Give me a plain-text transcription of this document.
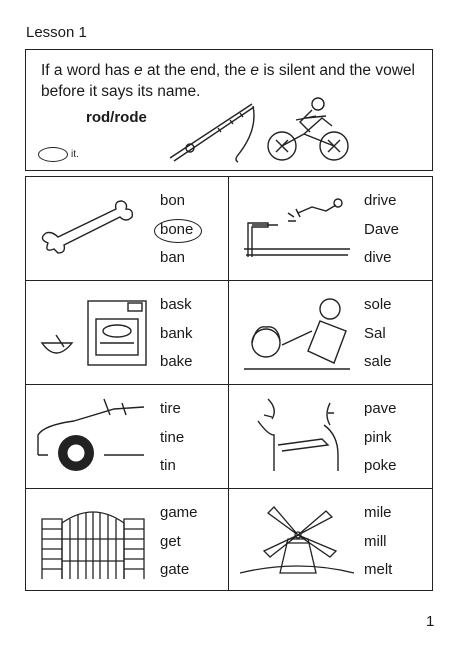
Lesson 1
If a word has e at the end, the e is silent and the vowel before it says its name.
rod/rode
it.
bon
bone
ban
drive
Dave
dive
bask
bank
bake
sole
Sal
sale
tire
tine
tin
pave
pink
poke
game
get
gate
mile
mill
melt
1
